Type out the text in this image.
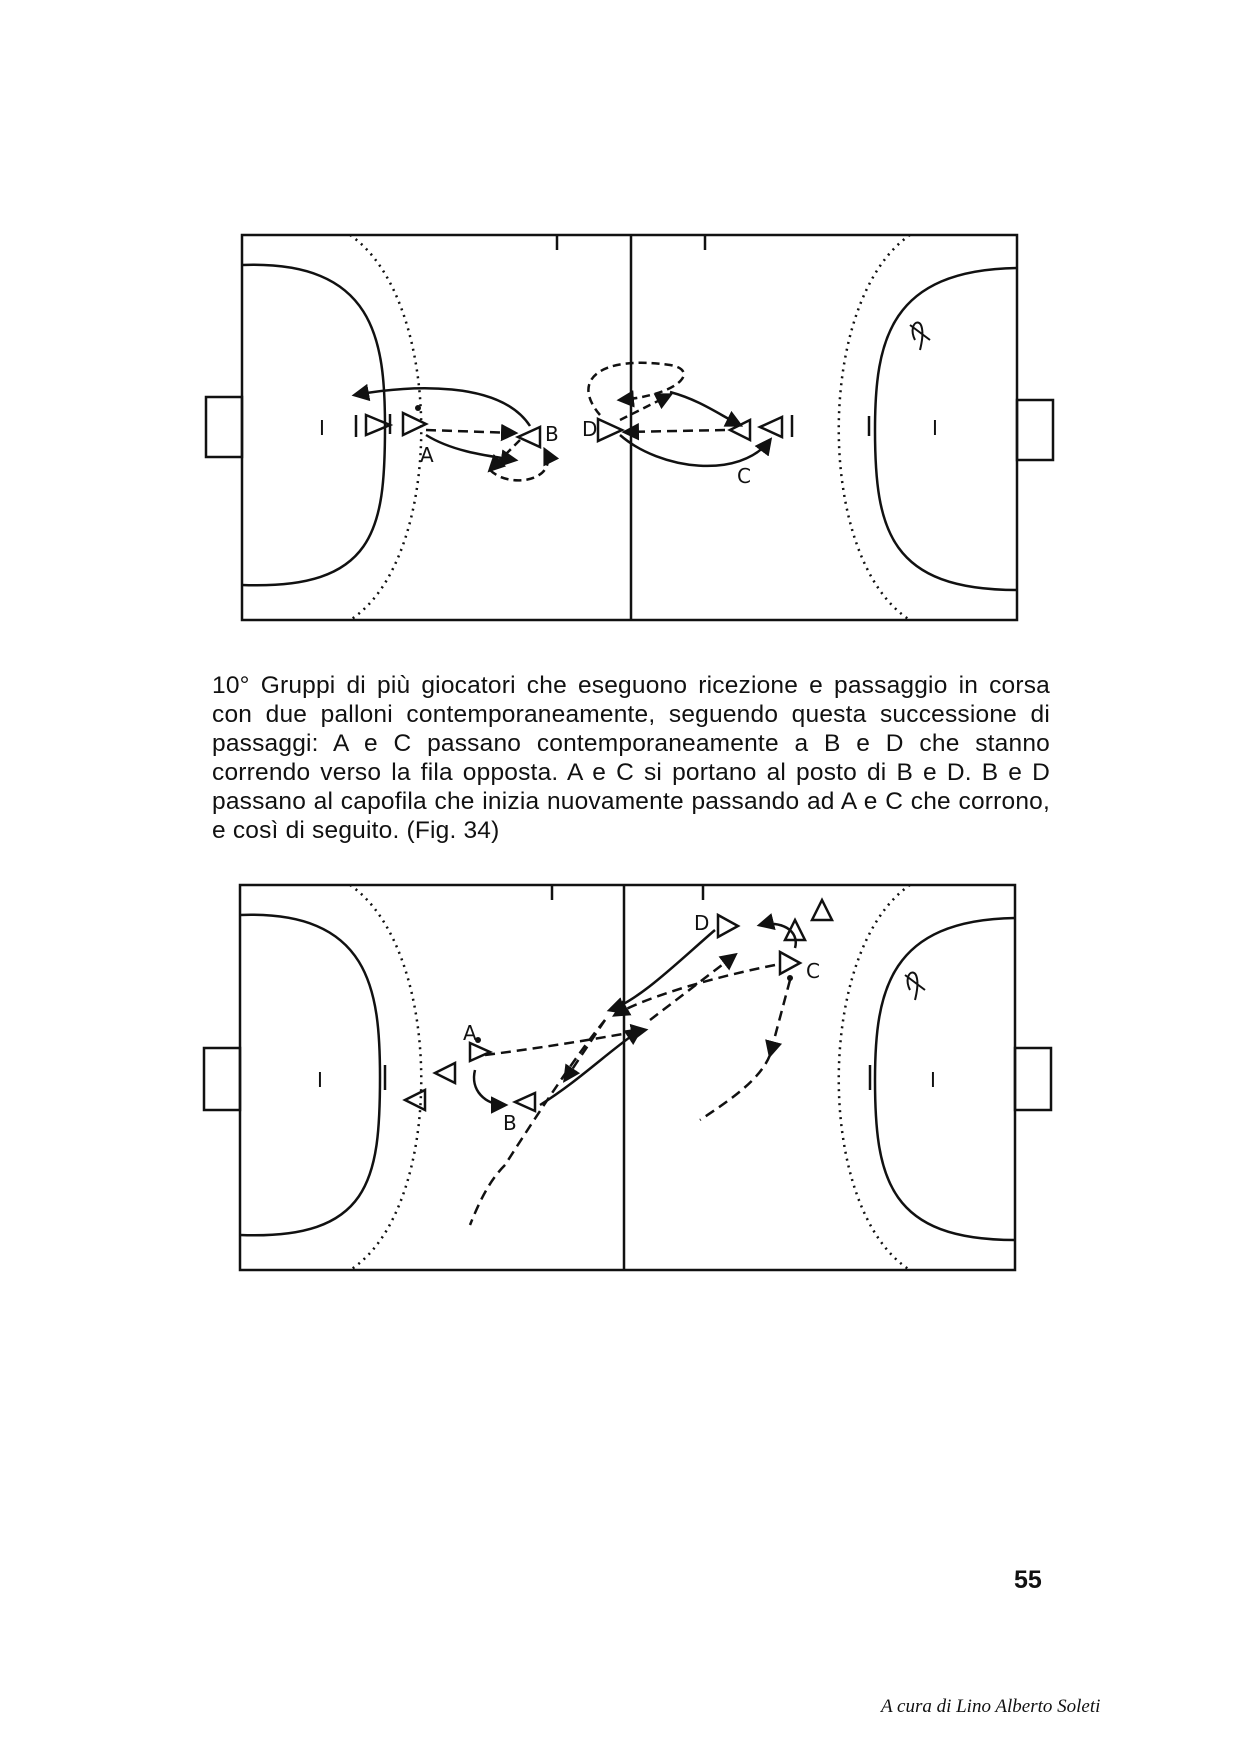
I	I
A
B D
C

10° Gruppi di più giocatori che eseguono ricezione e passaggio in corsa con due palloni contemporaneamente, seguendo questa successione di passaggi: A e C passano contemporaneamente a B e D che stanno correndo verso la fila opposta. A e C si portano al posto di B e D. B e D passano al capofila che inizia nuovamente passando ad A e C che corrono, e così di seguito. (Fig. 34)

I	I
A
B
C
D
55
A cura di Lino Alberto Soleti
